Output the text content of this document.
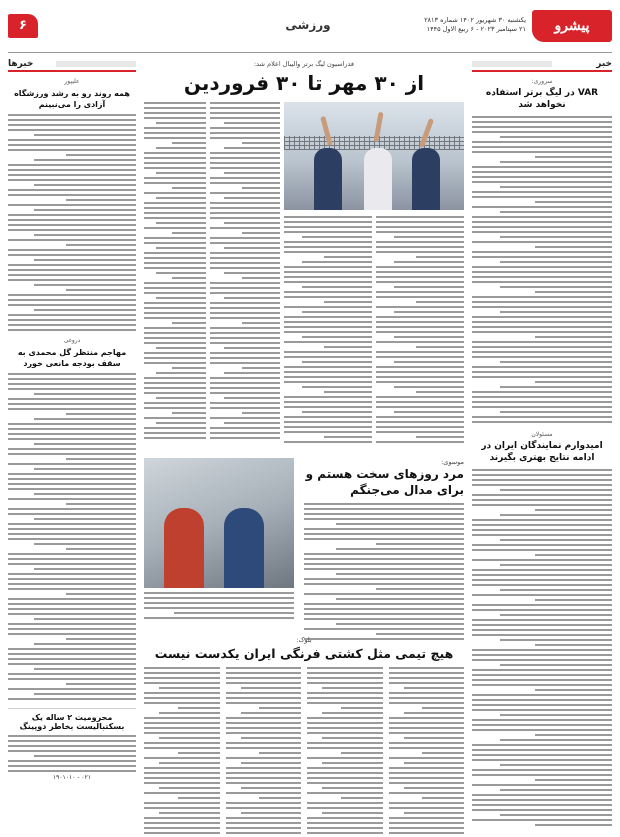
پیشرو
یکشنبه ۳۰ شهریور ۱۴۰۲ شماره ۲۸۱۳
۲۱ سپتامبر ۲۰۲۳ - ۶ ربیع الاول ۱۴۴۵
ورزشی
۶
خبر
سروری:
VAR در لیگ برتر استفاده نخواهد شد
مسئولان
امیدوارم نمایندگان ایران در ادامه نتایج بهتری بگیرند
خبرها
علیپور
همه روند رو به رشد ورزشگاه آزادی را می‌نبینم
دروغی
مهاجم منتظر گل محمدی به سقف بودجه مانعی خورد
محرومیت ۲ ساله یک بسکتبالیست بخاطر دوپینگ
۱۹۰۱۰۱۰ - ۰۲۱
فدراسیون لیگ برتر والیبال اعلام شد:
از ۳۰ مهر تا ۳۰ فروردین
موسوی:
مرد روزهای سخت هستم و برای مدال می‌جنگم
بلوک:
هیچ تیمی مثل کشتی فرنگی ایران یکدست نیست
